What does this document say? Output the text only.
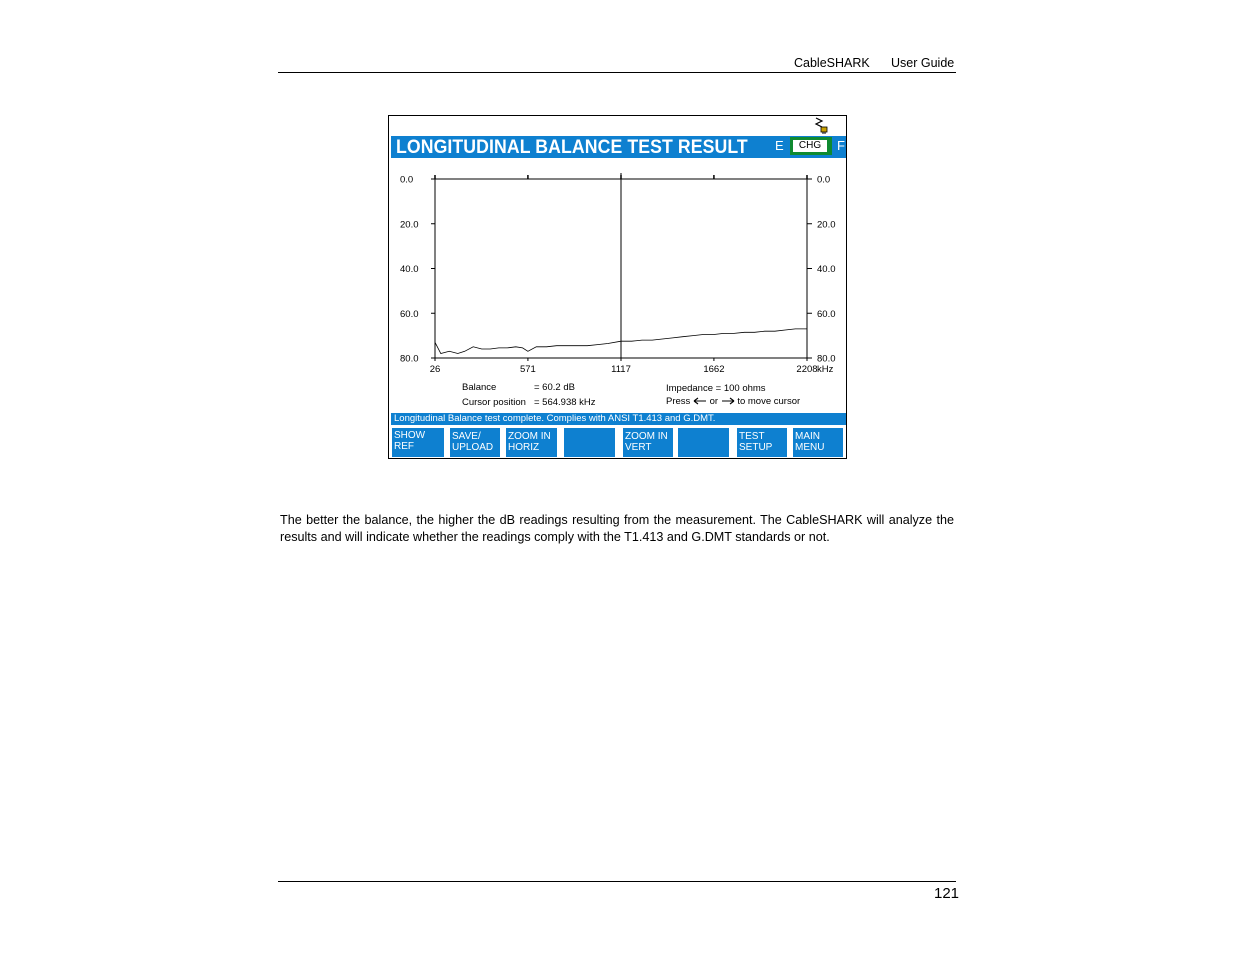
CableSHARK User Guide
LONGITUDINAL BALANCE TEST RESULT E	CHG	F
0.0	0.0
20.0	20.0
40.0	40.0
60.0	60.0
80.0	80.0
26	571	1117	1662	2208 kHz
Balance	= 60.2 dB
Cursor position = 564.938 kHz
Impedance = 100 ohms
Press or to move cursor
Longitudinal Balance test complete. Complies with ANSI T1.413 and G.DMT.
SHOW
REF
SAVE/
UPLOAD
ZOOM IN
HORIZ
ZOOM IN
VERT
TEST
SETUP
MAIN
MENU
The better the balance, the higher the dB readings resulting from the measurement. The CableSHARK will analyze the results and will indicate whether the readings comply with the T1.413 and G.DMT standards or not.
121
